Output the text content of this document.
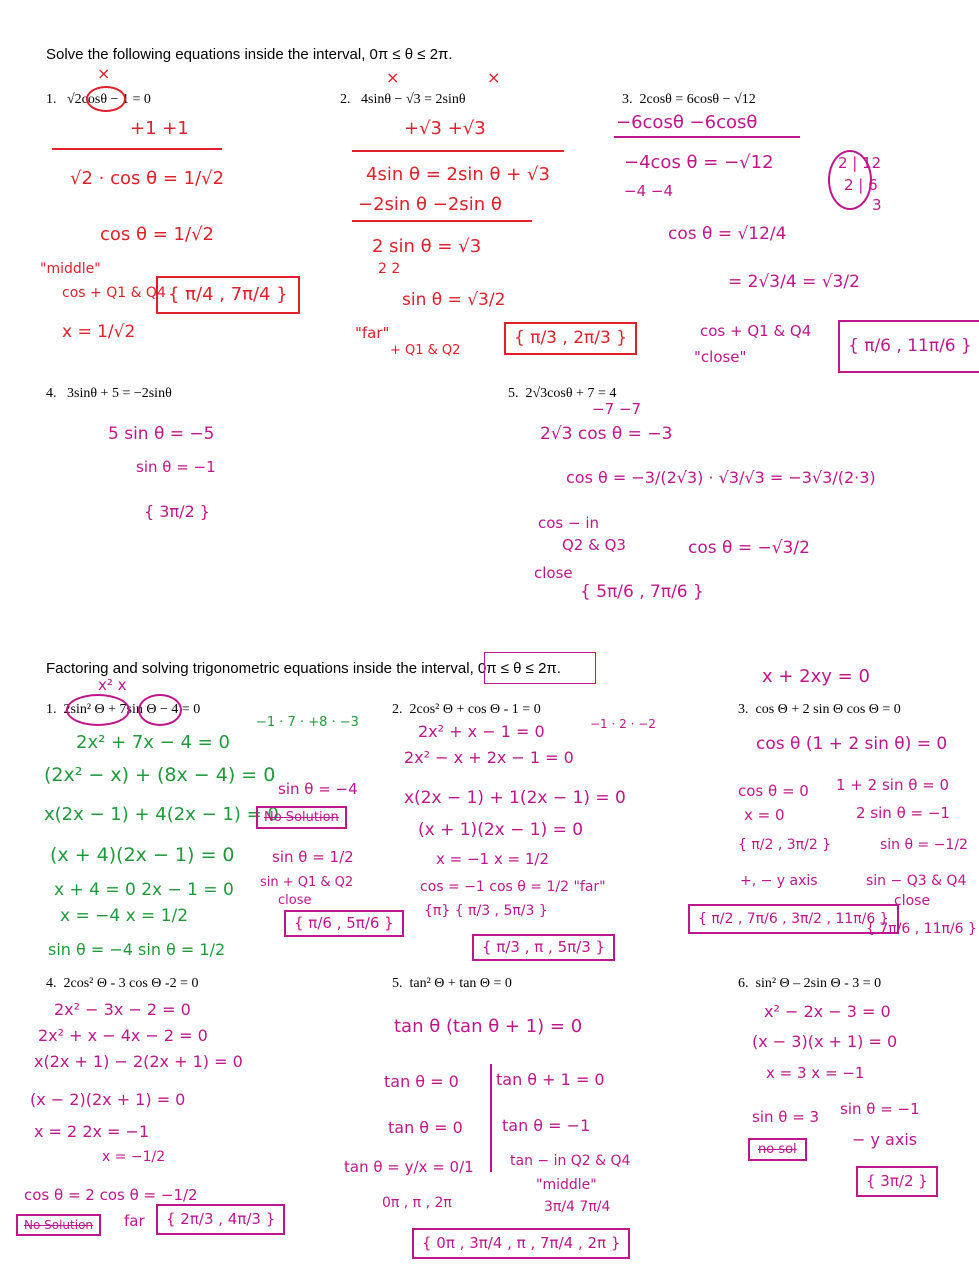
Solve the following equations inside the interval, 0π ≤ θ ≤ 2π.
1. √2cosθ − 1 = 0	2. 4sinθ − √3 = 2sinθ	3. 2cosθ = 6cosθ − √12
4. 3sinθ + 5 = −2sinθ	5. 2√3cosθ + 7 = 4
×
+1 +1
√2 · cos θ = 1/√2
cos θ = 1/√2
"middle"
cos + Q1 & Q4
x = 1/√2
{ π/4 , 7π/4 }
×	×
+√3 +√3
4sin θ = 2sin θ + √3
−2sin θ −2sin θ
2 sin θ = √3
2 2
sin θ = √3/2
"far"
+ Q1 & Q2
{ π/3 , 2π/3 }
−6cosθ −6cosθ
−4cos θ = −√12
−4 −4
cos θ = √12/4
= 2√3/4 = √3/2
2 | 12
2 | 6
3
cos + Q1 & Q4
"close"
{ π/6 , 11π/6 }
5 sin θ = −5
sin θ = −1
{ 3π/2 }
−7 −7
2√3 cos θ = −3
cos θ = −3/(2√3) · √3/√3 = −3√3/(2·3)
cos − in
Q2 & Q3	cos θ = −√3/2
close
{ 5π/6 , 7π/6 }
Factoring and solving trigonometric equations inside the interval, 0π ≤ θ ≤ 2π.
1. 2sin² Θ + 7sin Θ − 4 = 0	2. 2cos² Θ + cos Θ - 1 = 0	3. cos Θ + 2 sin Θ cos Θ = 0
4. 2cos² Θ - 3 cos Θ -2 = 0	5. tan² Θ + tan Θ = 0	6. sin² Θ – 2sin Θ - 3 = 0
x² x
2x² + 7x − 4 = 0
(2x² − x) + (8x − 4) = 0
x(2x − 1) + 4(2x − 1) = 0
(x + 4)(2x − 1) = 0
x + 4 = 0 2x − 1 = 0
x = −4 x = 1/2
sin θ = −4 sin θ = 1/2
−1 · 7 · +8 · −3
sin θ = −4
No Solution
sin θ = 1/2
sin + Q1 & Q2
close
{ π/6 , 5π/6 }
2x² + x − 1 = 0	−1 · 2 · −2
2x² − x + 2x − 1 = 0
x(2x − 1) + 1(2x − 1) = 0
(x + 1)(2x − 1) = 0
x = −1 x = 1/2
cos = −1 cos θ = 1/2 "far"
{π} { π/3 , 5π/3 }
{ π/3 , π , 5π/3 }
x + 2xy = 0
cos θ (1 + 2 sin θ) = 0
cos θ = 0
x = 0
{ π/2 , 3π/2 }
+, − y axis
1 + 2 sin θ = 0
2 sin θ = −1
sin θ = −1/2
sin − Q3 & Q4
close
{ 7π/6 , 11π/6 }
{ π/2 , 7π/6 , 3π/2 , 11π/6 }
2x² − 3x − 2 = 0
2x² + x − 4x − 2 = 0
x(2x + 1) − 2(2x + 1) = 0
(x − 2)(2x + 1) = 0
x = 2 2x = −1
x = −1/2
cos θ = 2 cos θ = −1/2
No Solution	far	{ 2π/3 , 4π/3 }
tan θ (tan θ + 1) = 0
tan θ = 0
tan θ = 0
tan θ = y/x = 0/1
0π , π , 2π
tan θ + 1 = 0
tan θ = −1
tan − in Q2 & Q4
"middle"
3π/4 7π/4
{ 0π , 3π/4 , π , 7π/4 , 2π }
x² − 2x − 3 = 0
(x − 3)(x + 1) = 0
x = 3 x = −1
sin θ = 3
no sol
sin θ = −1
− y axis
{ 3π/2 }
